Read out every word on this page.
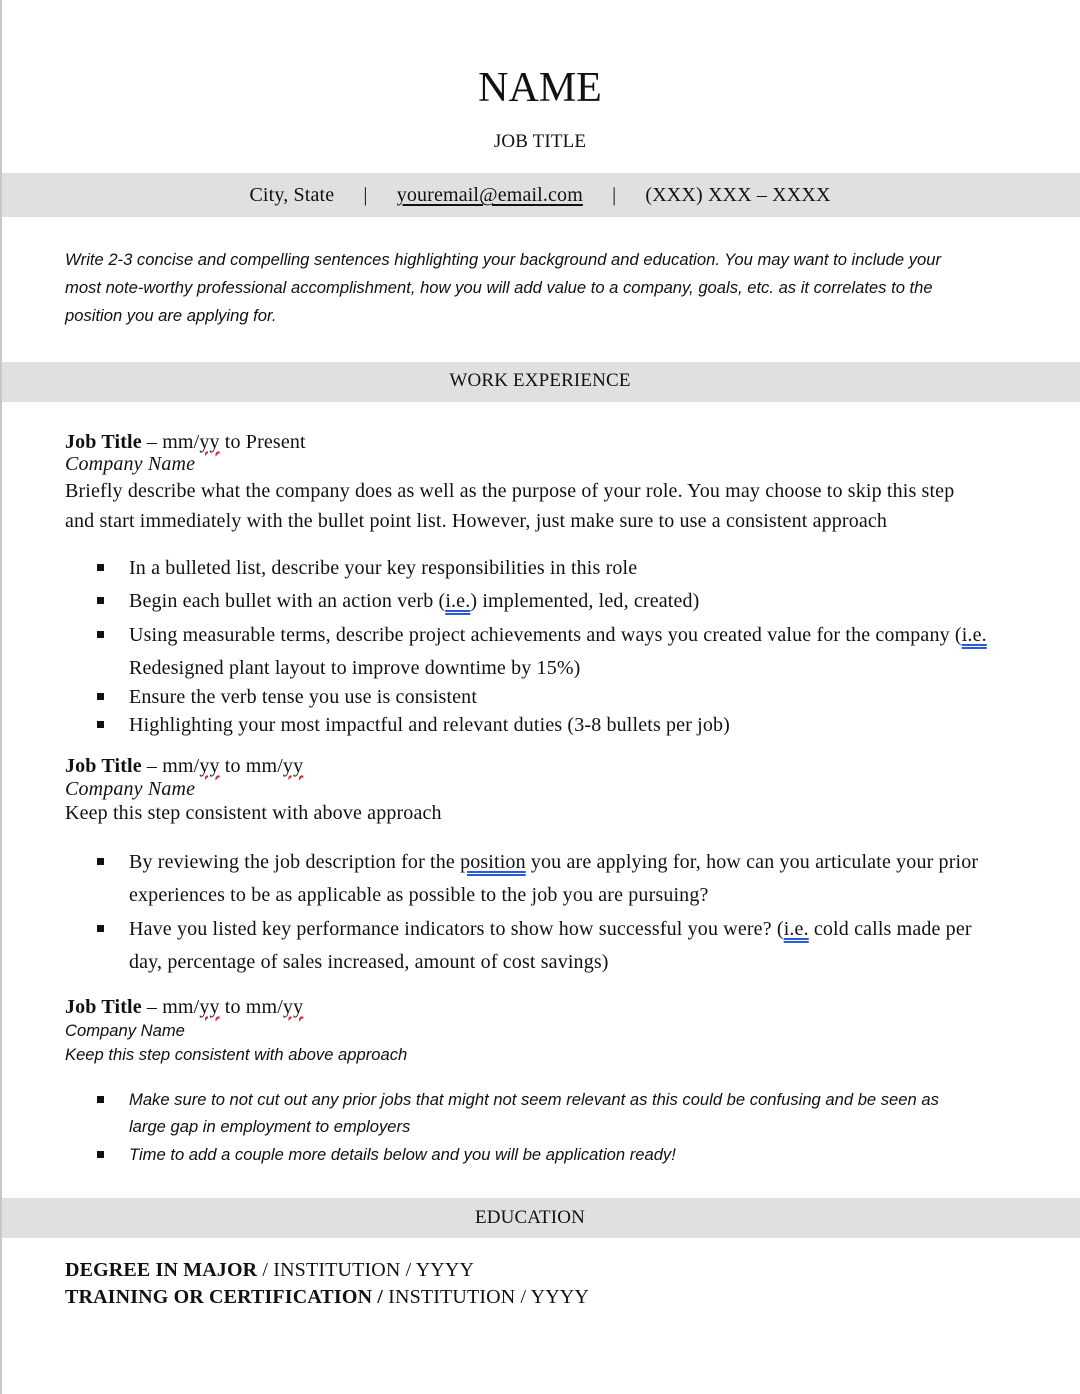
NAME
JOB TITLE
City, State | youremail@email.com | (XXX) XXX – XXXX
Write 2-3 concise and compelling sentences highlighting your background and education. You may want to include your
most note-worthy professional accomplishment, how you will add value to a company, goals, etc. as it correlates to the
position you are applying for.
WORK EXPERIENCE
Job Title – mm/yy to Present
Company Name
Briefly describe what the company does as well as the purpose of your role. You may choose to skip this step
and start immediately with the bullet point list. However, just make sure to use a consistent approach
In a bulleted list, describe your key responsibilities in this role
Begin each bullet with an action verb (i.e.) implemented, led, created)
Using measurable terms, describe project achievements and ways you created value for the company (i.e.
Redesigned plant layout to improve downtime by 15%)
Ensure the verb tense you use is consistent
Highlighting your most impactful and relevant duties (3-8 bullets per job)
Job Title – mm/yy to mm/yy
Company Name
Keep this step consistent with above approach
By reviewing the job description for the position you are applying for, how can you articulate your prior
experiences to be as applicable as possible to the job you are pursuing?
Have you listed key performance indicators to show how successful you were? (i.e. cold calls made per
day, percentage of sales increased, amount of cost savings)
Job Title – mm/yy to mm/yy
Company Name
Keep this step consistent with above approach
Make sure to not cut out any prior jobs that might not seem relevant as this could be confusing and be seen as
large gap in employment to employers
Time to add a couple more details below and you will be application ready!
EDUCATION
DEGREE IN MAJOR / INSTITUTION / YYYY
TRAINING OR CERTIFICATION / INSTITUTION / YYYY
